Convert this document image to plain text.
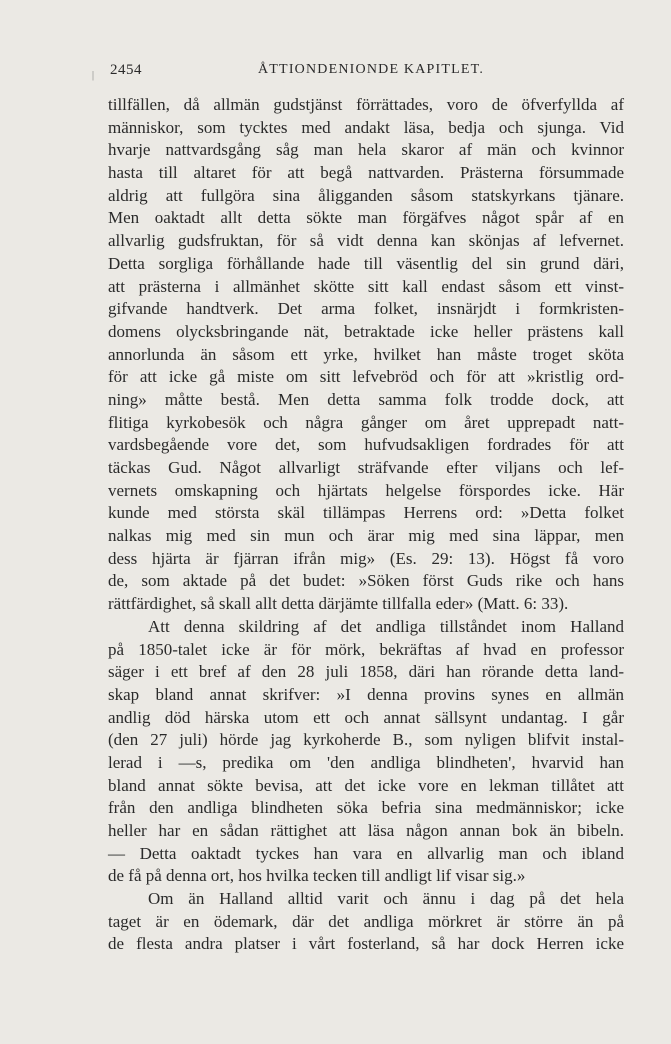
| 2454	ÅTTIONDENIONDE KAPITLET.
tillfällen, då allmän gudstjänst förrättades, voro de öfverfyllda af
människor, som tycktes med andakt läsa, bedja och sjunga. Vid
hvarje nattvardsgång såg man hela skaror af män och kvinnor
hasta till altaret för att begå nattvarden. Prästerna försummade
aldrig att fullgöra sina åligganden såsom statskyrkans tjänare.
Men oaktadt allt detta sökte man förgäfves något spår af en
allvarlig gudsfruktan, för så vidt denna kan skönjas af lefvernet.
Detta sorgliga förhållande hade till väsentlig del sin grund däri,
att prästerna i allmänhet skötte sitt kall endast såsom ett vinst-
gifvande handtverk. Det arma folket, insnärjdt i formkristen-
domens olycksbringande nät, betraktade icke heller prästens kall
annorlunda än såsom ett yrke, hvilket han måste troget sköta
för att icke gå miste om sitt lefvebröd och för att »kristlig ord-
ning» måtte bestå. Men detta samma folk trodde dock, att
flitiga kyrkobesök och några gånger om året upprepadt natt-
vardsbegående vore det, som hufvudsakligen fordrades för att
täckas Gud. Något allvarligt sträfvande efter viljans och lef-
vernets omskapning och hjärtats helgelse förspordes icke. Här
kunde med största skäl tillämpas Herrens ord: »Detta folket
nalkas mig med sin mun och ärar mig med sina läppar, men
dess hjärta är fjärran ifrån mig» (Es. 29: 13). Högst få voro
de, som aktade på det budet: »Söken först Guds rike och hans
rättfärdighet, så skall allt detta därjämte tillfalla eder» (Matt. 6: 33).
Att denna skildring af det andliga tillståndet inom Halland
på 1850-talet icke är för mörk, bekräftas af hvad en professor
säger i ett bref af den 28 juli 1858, däri han rörande detta land-
skap bland annat skrifver: »I denna provins synes en allmän
andlig död härska utom ett och annat sällsynt undantag. I går
(den 27 juli) hörde jag kyrkoherde B., som nyligen blifvit instal-
lerad i —s, predika om 'den andliga blindheten', hvarvid han
bland annat sökte bevisa, att det icke vore en lekman tillåtet att
från den andliga blindheten söka befria sina medmänniskor; icke
heller har en sådan rättighet att läsa någon annan bok än bibeln.
— Detta oaktadt tyckes han vara en allvarlig man och ibland
de få på denna ort, hos hvilka tecken till andligt lif visar sig.»
Om än Halland alltid varit och ännu i dag på det hela
taget är en ödemark, där det andliga mörkret är större än på
de flesta andra platser i vårt fosterland, så har dock Herren icke
